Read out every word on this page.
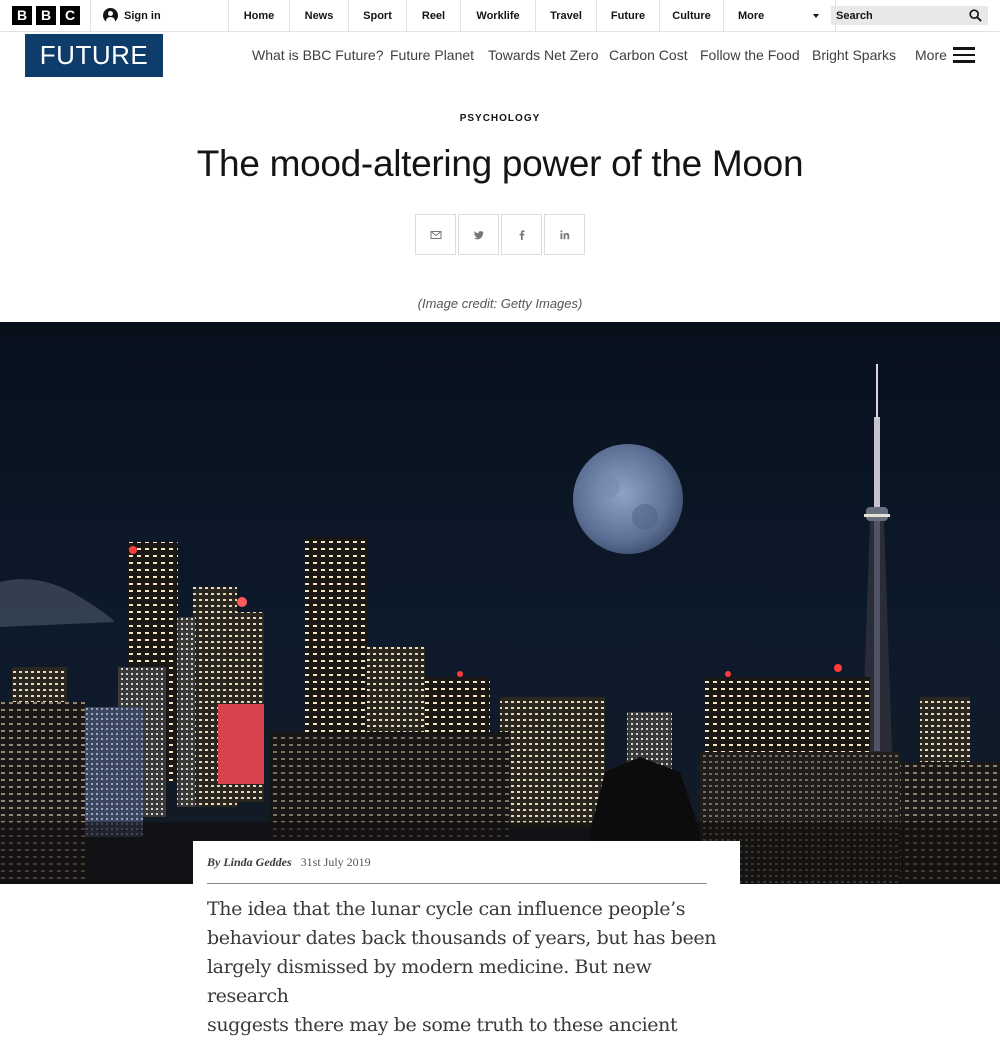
B B C	Sign in	Home	News	Sport	Reel	Worklife	Travel	Future	Culture	More	Search
FUTURE	What is BBC Future? Future Planet Towards Net Zero Carbon Cost Follow the Food Bright Sparks More
PSYCHOLOGY
The mood-altering power of the Moon
(Image credit: Getty Images)
By Linda Geddes 31st July 2019
The idea that the lunar cycle can influence people’s
behaviour dates back thousands of years, but has been
largely dismissed by modern medicine. But new research
suggests there may be some truth to these ancient
